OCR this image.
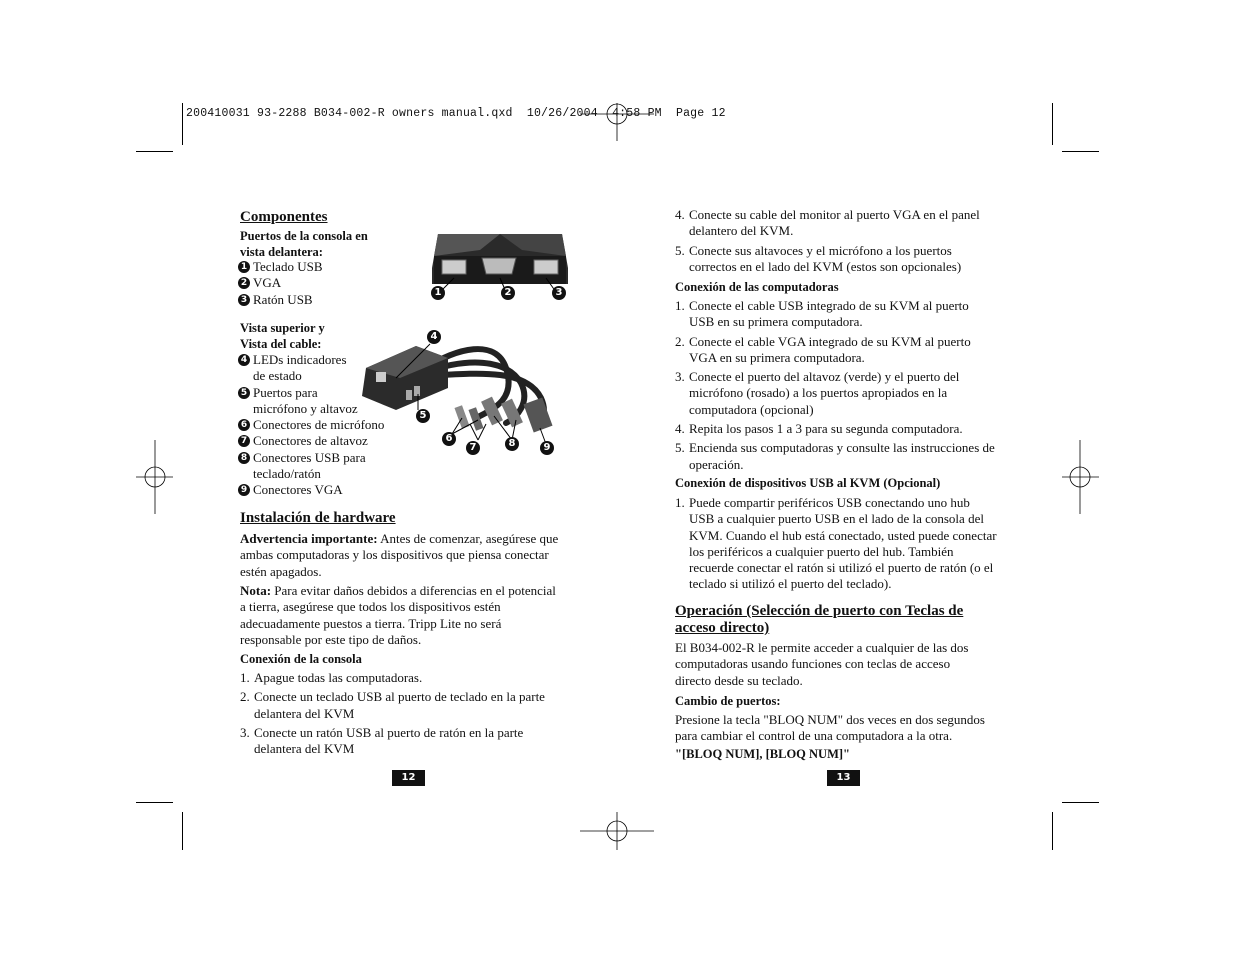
200410031 93-2288 B034-002-R owners manual.qxd  10/26/2004  4:58 PM  Page 12
Componentes
Puertos de la consola en
vista delantera:
1 Teclado USB
2 VGA
3 Ratón USB	1	2	3
Vista superior y
Vista del cable:
4 LEDs indicadores
de estado
5 Puertos para
micrófono y altavoz
6 Conectores de micrófono
7 Conectores de altavoz
8 Conectores USB para
teclado/ratón
9 Conectores VGA
4
5
6
7	8	9
Instalación de hardware
Advertencia importante: Antes de comenzar, asegúrese que ambas computadoras y los dispositivos que piensa conectar estén apagados.
Nota: Para evitar daños debidos a diferencias en el potencial a tierra, asegúrese que todos los dispositivos estén adecuadamente puestos a tierra. Tripp Lite no será responsable por este tipo de daños.
Conexión de la consola
1. Apague todas las computadoras.
2. Conecte un teclado USB al puerto de teclado en la parte delantera del KVM
3. Conecte un ratón USB al puerto de ratón en la parte delantera del KVM
12
4. Conecte su cable del monitor al puerto VGA en el panel delantero del KVM.
5. Conecte sus altavoces y el micrófono a los puertos correctos en el lado del KVM (estos son opcionales)
Conexión de las computadoras
1. Conecte el cable USB integrado de su KVM al puerto USB en su primera computadora.
2. Conecte el cable VGA integrado de su KVM al puerto VGA en su primera computadora.
3. Conecte el puerto del altavoz (verde) y el puerto del micrófono (rosado) a los puertos apropiados en la computadora (opcional)
4. Repita los pasos 1 a 3 para su segunda computadora.
5. Encienda sus computadoras y consulte las instrucciones de operación.
Conexión de dispositivos USB al KVM (Opcional)
1. Puede compartir periféricos USB conectando uno hub USB a cualquier puerto USB en el lado de la consola del KVM. Cuando el hub está conectado, usted puede conectar los periféricos a cualquier puerto del hub. También recuerde conectar el ratón si utilizó el puerto de ratón (o el teclado si utilizó el puerto del teclado).
Operación (Selección de puerto con Teclas de acceso directo)
El B034-002-R le permite acceder a cualquier de las dos computadoras usando funciones con teclas de acceso directo desde su teclado.
Cambio de puertos:
Presione la tecla "BLOQ NUM" dos veces en dos segundos para cambiar el control de una computadora a la otra.
"[BLOQ NUM], [BLOQ NUM]"
13
